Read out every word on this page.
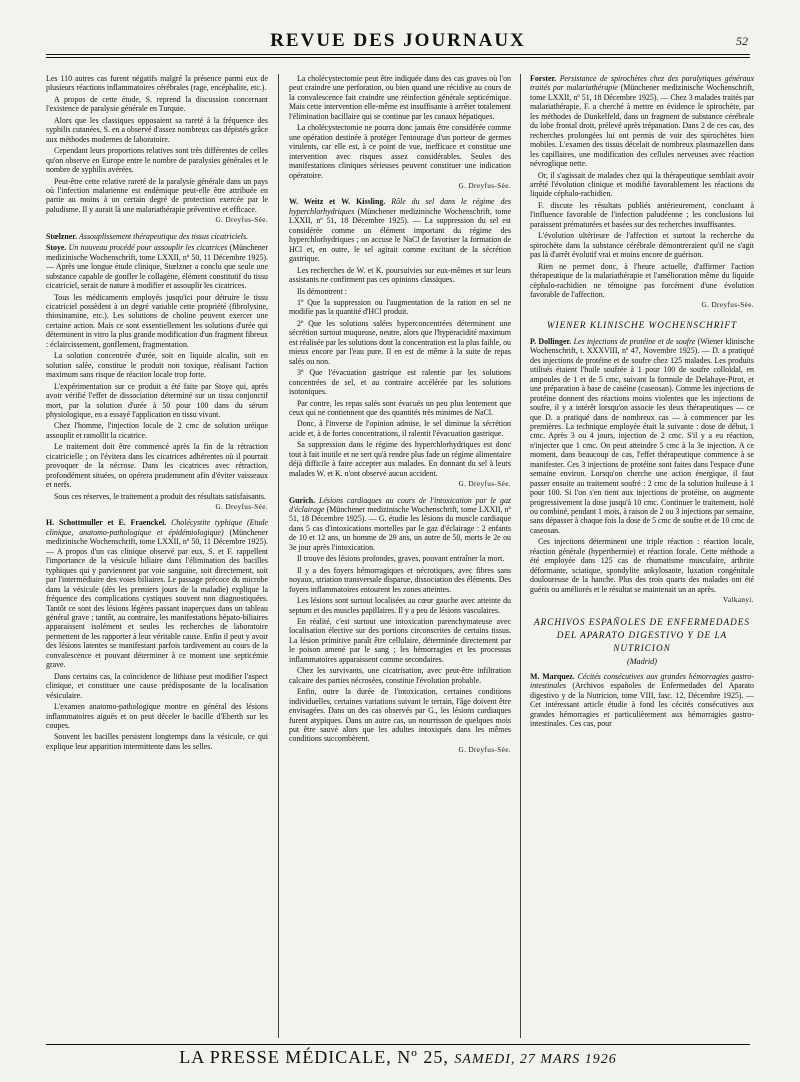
REVUE DES JOURNAUX	52

Les 110 autres cas furent négatifs malgré la présence parmi eux de plusieurs réactions inflammatoires cérébrales (rage, encéphalite, etc.).

A propos de cette étude, S. reprend la discussion concernant l'existence de paralysie générale en Turquie.

Alors que les classiques opposaient sa rareté à la fréquence des syphilis cutanées, S. en a observé d'assez nombreux cas dépistés grâce aux méthodes modernes de laboratoire.

Cependant leurs proportions relatives sont très différentes de celles qu'on observe en Europe entre le nombre de paralysies générales et le nombre de syphilis avérées.

Peut-être cette relative rareté de la paralysie générale dans un pays où l'infection malarienne est endémique peut-elle être attribuée en partie au moins à un certain degré de protection exercée par le paludisme. Il y aurait là une malariathérapie préventive et efficace.

G. Dreyfus-Sée.

Stœlzner. Assouplissement thérapeutique des tissus cicatriciels.

Stoye. Un nouveau procédé pour assouplir les cicatrices (Münchener medizinische Wochenschrift, tome LXXII, nº 50, 11 Décembre 1925). — Après une longue étude clinique, Stœlzner a conclu que seule une substance capable de gonfler le collagène, élément constitutif du tissu cicatriciel, serait de nature à modifier et assouplir les cicatrices.

Tous les médicaments employés jusqu'ici pour détruire le tissu cicatriciel possèdent à un degré variable cette propriété (fibrolysine, thiosinamine, etc.). Les solutions de choline peuvent exercer une certaine action. Mais ce sont essentiellement les solutions d'urée qui déterminent in vitro la plus grande modification d'un fragment fibreux : éclaircissement, gonflement, fragmentation.

La solution concentrée d'urée, soit en liquide alcalin, soit en solution salée, constitue le produit non toxique, réalisant l'action maximum sans risque de réaction locale trop forte.

L'expérimentation sur ce produit a été faite par Stoye qui, après avoir vérifié l'effet de dissociation déterminé sur un tissu conjonctif mort, par la solution d'urée à 50 pour 100 dans du sérum physiologique, en a essayé l'application en tissu vivant.

Chez l'homme, l'injection locale de 2 cmc de solution uréique assouplit et ramollit la cicatrice.

Le traitement doit être commencé après la fin de la rétraction cicatricielle ; on l'évitera dans les cicatrices adhérentes où il pourrait provoquer de la nécrose. Dans les cicatrices avec rétraction, profondément situées, on opérera prudemment afin d'éviter vaisseaux et nerfs.

Sous ces réserves, le traitement a produit des résultats satisfaisants.

G. Dreyfus-Sée.

H. Schottmuller et E. Fraenckel. Cholécystite typhique (Etude clinique, anatomo-pathologique et épidémiologique) (Münchener medizinische Wochenschrift, tome LXXII, nº 50, 11 Décembre 1925). — A propos d'un cas clinique observé par eux, S. et F. rappellent l'importance de la vésicule biliaire dans l'élimination des bacilles typhiques qui y parviennent par voie sanguine, soit directement, soit par l'intermédiaire des voies biliaires. Le passage précoce du microbe dans la vésicule (dès les premiers jours de la maladie) explique la fréquence des complications cystiques souvent non diagnostiquées. Tantôt ce sont des lésions légères passant inaperçues dans un tableau général grave ; tantôt, au contraire, les manifestations hépato-biliaires apparaissent isolément et seules les recherches de laboratoire permettent de les rapporter à leur véritable cause. Enfin il peut y avoir des lésions latentes se manifestant parfois tardivement au cours de la convalescence et pouvant déterminer à ce moment une septicémie grave.

Dans certains cas, la coïncidence de lithiase peut modifier l'aspect clinique, et constituer une cause prédisposante de la localisation vésiculaire.

L'examen anatomo-pathologique montre en général des lésions inflammatoires aiguës et on peut déceler le bacille d'Eberth sur les coupes.

Souvent les bacilles persistent longtemps dans la vésicule, ce qui explique leur apparition intermittente dans les selles.

La cholécystectomie peut être indiquée dans des cas graves où l'on peut craindre une perforation, ou bien quand une récidive au cours de la convalescence fait craindre une réinfection générale septicémique. Mais cette intervention elle-même est insuffisante à arrêter totalement l'élimination bacillaire qui se continue par les canaux hépatiques.

La cholécystectomie ne pourra donc jamais être considérée comme une opération destinée à protéger l'entourage d'un porteur de germes virulents, car elle est, à ce point de vue, inefficace et constitue une intervention avec risques assez considérables. Seules des manifestations cliniques sérieuses peuvent constituer une indication opératoire.

G. Dreyfus-Sée.

W. Weitz et W. Kissling. Rôle du sel dans le régime des hyperchlorhydriques (Münchener medizinische Wochenschrift, tome LXXII, nº 51, 18 Décembre 1925). — La suppression du sel est considérée comme un élément important du régime des hyperchlorhydriques ; on accuse le NaCl de favoriser la formation de HCl et, en outre, le sel agirait comme excitant de la sécrétion gastrique.

Les recherches de W. et K. poursuivies sur eux-mêmes et sur leurs assistants ne confirment pas ces opinions classiques.

Ils démontrent :

1º Que la suppression ou l'augmentation de la ration en sel ne modifie pas la quantité d'HCl produit.

2º Que les solutions salées hyperconcentrées déterminent une sécrétion surtout muqueuse, neutre, alors que l'hyperacidité maximum est réalisée par les solutions dont la concentration est la plus faible, ou mieux encore par l'eau pure. Il en est de même à la suite de repas salés ou non.

3º Que l'évacuation gastrique est ralentie par les solutions concentrées de sel, et au contraire accélérée par les solutions isotoniques.

Par contre, les repas salés sont évacués un peu plus lentement que ceux qui ne contiennent que des quantités très minimes de NaCl.

Donc, à l'inverse de l'opinion admise, le sel diminue la sécrétion acide et, à de fortes concentrations, il ralentit l'évacuation gastrique.

Sa suppression dans le régime des hyperchlorhydriques est donc tout à fait inutile et ne sert qu'à rendre plus fade un régime alimentaire déjà difficile à faire accepter aux malades. En donnant du sel à leurs malades W. et K. n'ont observé aucun accident.

G. Dreyfus-Sée.

Gurich. Lésions cardiaques au cours de l'intoxication par le gaz d'éclairage (Münchener medizinische Wochenschrift, tome LXXII, nº 51, 18 Décembre 1925). — G. étudie les lésions du muscle cardiaque dans 5 cas d'intoxications mortelles par le gaz d'éclairage : 2 enfants de 10 et 12 ans, un homme de 29 ans, un autre de 50, morts le 2e ou 3e jour après l'intoxication.

Il trouve des lésions profondes, graves, pouvant entraîner la mort.

Il y a des foyers hémorragiques et nécrotiques, avec fibres sans noyaux, striation transversale disparue, dissociation des éléments. Des foyers inflammatoires entourent les zones atteintes.

Les lésions sont surtout localisées au cœur gauche avec atteinte du septum et des muscles papillaires. Il y a peu de lésions vasculaires.

En réalité, c'est surtout une intoxication parenchymateuse avec localisation élective sur des portions circonscrites de certains tissus. La lésion primitive paraît être cellulaire, déterminée directement par le poison amené par le sang ; les hémorragies et les processus inflammatoires apparaissent comme secondaires.

Chez les survivants, une cicatrisation, avec peut-être infiltration calcaire des parties nécrosées, constitue l'évolution probable.

Enfin, outre la durée de l'intoxication, certaines conditions individuelles, certaines variations suivant le terrain, l'âge doivent être envisagées. Dans un des cas observés par G., les lésions cardiaques furent atypiques. Dans un autre cas, un nourrisson de quelques mois put être sauvé alors que les adultes intoxiqués dans les mêmes conditions succombèrent.

G. Dreyfus-Sée.

Forster. Persistance de spirochètes chez des paralytiques généraux traités par malariathérapie (Münchener medizinische Wochenschrift, tome LXXII, nº 51, 18 Décembre 1925). — Chez 3 malades traités par malariathérapie, F. a cherché à mettre en évidence le spirochète, par les méthodes de Dunkelfeld, dans un fragment de substance cérébrale du lobe frontal droit, prélevé après trépanation. Dans 2 de ces cas, des recherches prolongées lui ont permis de voir des spirochètes bien mobiles. L'examen des tissus décelait de nombreux plasmazellen dans les capillaires, une modification des cellules nerveuses avec réaction névroglique nette.

Or, il s'agissait de malades chez qui la thérapeutique semblait avoir arrêté l'évolution clinique et modifié favorablement les réactions du liquide céphalo-rachidien.

F. discute les résultats publiés antérieurement, concluant à l'influence favorable de l'infection paludéenne ; les conclusions lui paraissent prématurées et basées sur des recherches insuffisantes.

L'évolution ultérieure de l'affection et surtout la recherche du spirochète dans la substance cérébrale démontreraient qu'il ne s'agit pas là d'arrêt évolutif vrai et moins encore de guérison.

Rien ne permet donc, à l'heure actuelle, d'affirmer l'action thérapeutique de la malariathérapie et l'amélioration même du liquide céphalo-rachidien ne témoigne pas forcément d'une évolution favorable de l'affection.

G. Dreyfus-Sée.
WIENER KLINISCHE WOCHENSCHRIFT

P. Dollinger. Les injections de protéine et de soufre (Wiener klinische Wochenschrift, t. XXXVIII, nº 47, Novembre 1925). — D. a pratiqué des injections de protéine et de soufre chez 125 malades. Les produits utilisés étaient l'huile soufrée à 1 pour 100 de soufre colloïdal, en ampoules de 1 et de 5 cmc, suivant la formule de Delahaye-Pirot, et une préparation à base de caséine (caseosan). Comme les injections de protéine donnent des réactions moins violentes que les injections de soufre, il y a intérêt lorsqu'on associe les deux thérapeutiques — ce que D. a pratiqué dans de nombreux cas — à commencer par les premières. La technique employée était la suivante : dose de début, 1 cmc. Après 3 ou 4 jours, injection de 2 cmc. S'il y a eu réaction, n'injecter que 1 cmc. On peut atteindre 5 cmc à la 3e injection. A ce moment, dans beaucoup de cas, l'effet thérapeutique commence à se manifester. Ces 3 injections de protéine sont faites dans l'espace d'une semaine environ. Lorsqu'on cherche une action énergique, il faut passer ensuite au traitement soufré : 2 cmc de la solution huileuse à 1 pour 100. Si l'on s'en tient aux injections de protéine, on augmente progressivement la dose jusqu'à 10 cmc. Continuer le traitement, isolé ou combiné, pendant 1 mois, à raison de 2 ou 3 injections par semaine, sans dépasser à chaque fois la dose de 5 cmc de soufre et de 10 cmc de caseosan.

Ces injections déterminent une triple réaction : réaction locale, réaction générale (hyperthermie) et réaction focale. Cette méthode a été employée dans 125 cas de rhumatisme musculaire, arthrite déformante, sciatique, spondylite ankylosante, luxation congénitale douloureuse de la hanche. Plus des trois quarts des malades ont été guéris ou améliorés et le résultat se maintenait un an après.

Valkanyi.
ARCHIVOS ESPAÑOLES DE ENFERMEDADES DEL APARATO DIGESTIVO Y DE LA NUTRICION
(Madrid)

M. Marquez. Cécités consécutives aux grandes hémorragies gastro-intestinales (Archivos españoles de Enfermedades del Aparato digestivo y de la Nutricion, tome VIII, fasc. 12, Décembre 1925). — Cet intéressant article étudie à fond les cécités consécutives aux grandes hémorragies et particulièrement aux hémorragies gastro-intestinales. Ces cas, pour

LA PRESSE MÉDICALE, Nº 25, SAMEDI, 27 MARS 1926
